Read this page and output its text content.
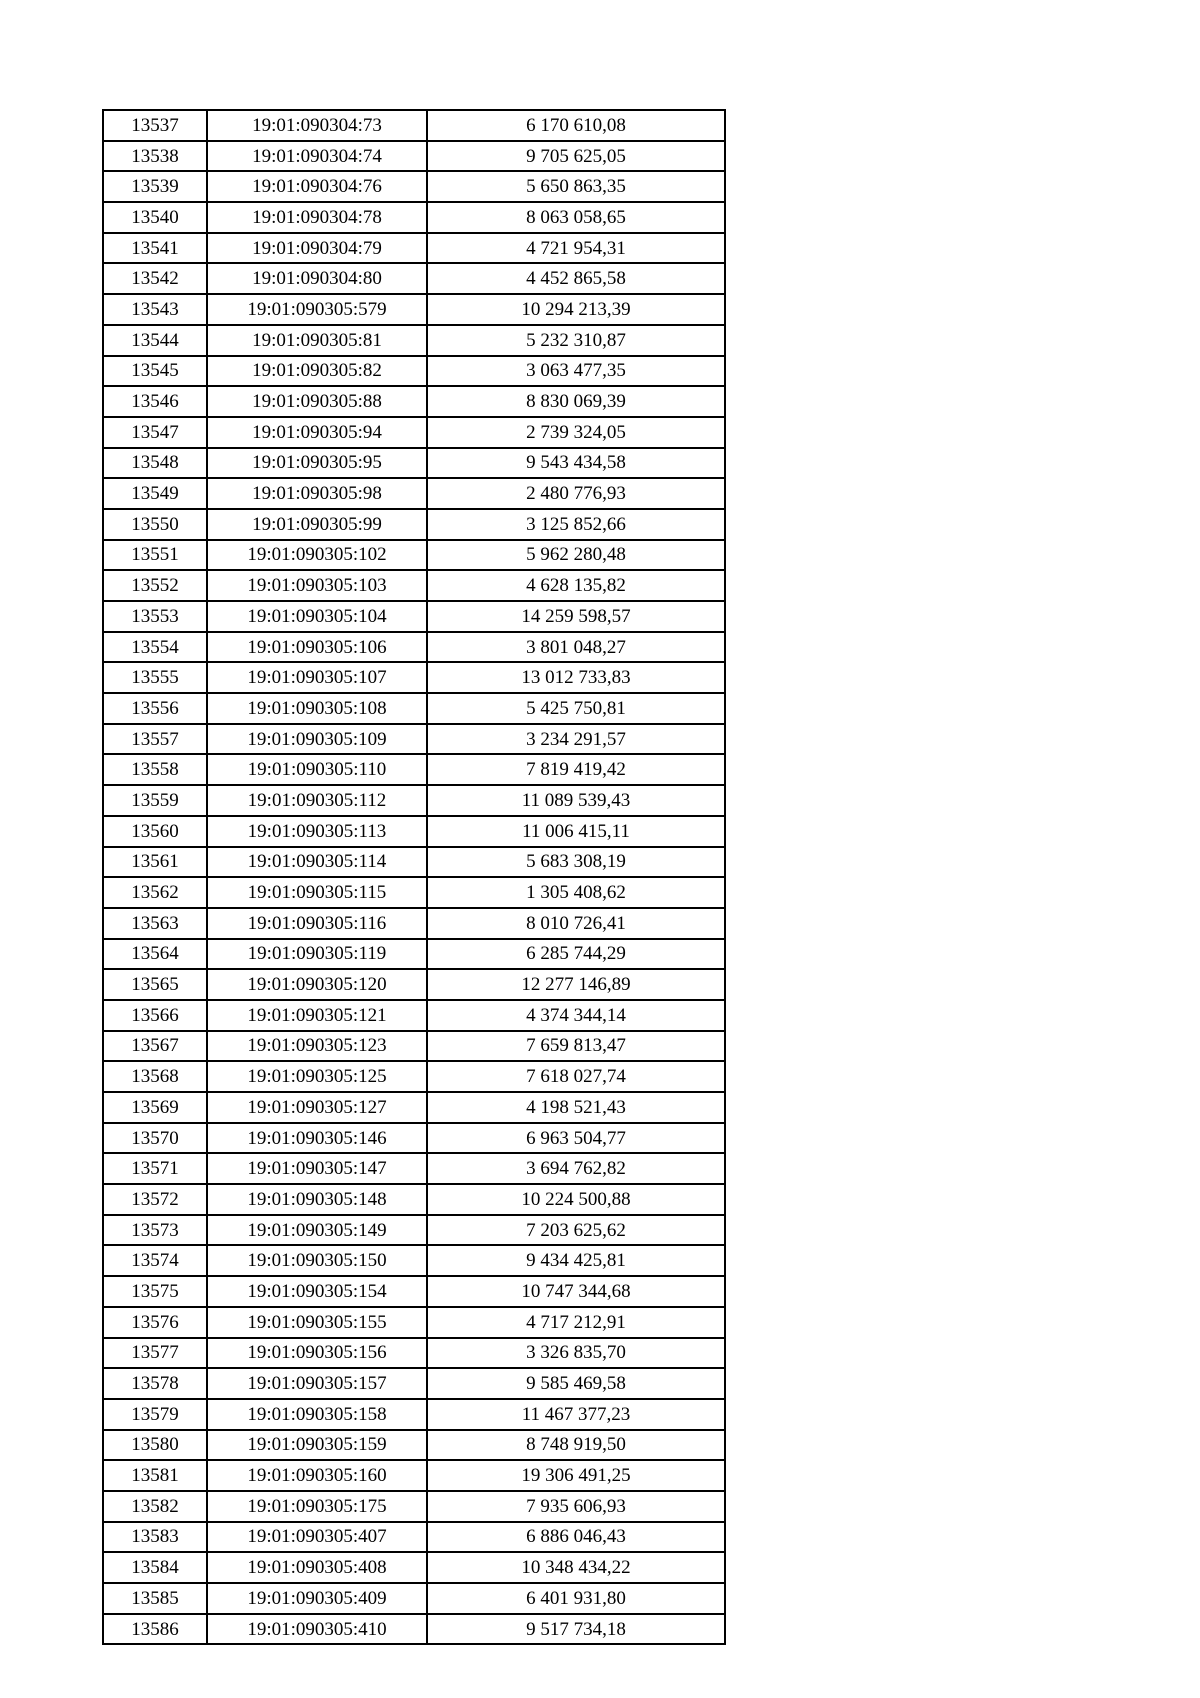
13537	19:01:090304:73	6 170 610,08
13538	19:01:090304:74	9 705 625,05
13539	19:01:090304:76	5 650 863,35
13540	19:01:090304:78	8 063 058,65
13541	19:01:090304:79	4 721 954,31
13542	19:01:090304:80	4 452 865,58
13543	19:01:090305:579	10 294 213,39
13544	19:01:090305:81	5 232 310,87
13545	19:01:090305:82	3 063 477,35
13546	19:01:090305:88	8 830 069,39
13547	19:01:090305:94	2 739 324,05
13548	19:01:090305:95	9 543 434,58
13549	19:01:090305:98	2 480 776,93
13550	19:01:090305:99	3 125 852,66
13551	19:01:090305:102	5 962 280,48
13552	19:01:090305:103	4 628 135,82
13553	19:01:090305:104	14 259 598,57
13554	19:01:090305:106	3 801 048,27
13555	19:01:090305:107	13 012 733,83
13556	19:01:090305:108	5 425 750,81
13557	19:01:090305:109	3 234 291,57
13558	19:01:090305:110	7 819 419,42
13559	19:01:090305:112	11 089 539,43
13560	19:01:090305:113	11 006 415,11
13561	19:01:090305:114	5 683 308,19
13562	19:01:090305:115	1 305 408,62
13563	19:01:090305:116	8 010 726,41
13564	19:01:090305:119	6 285 744,29
13565	19:01:090305:120	12 277 146,89
13566	19:01:090305:121	4 374 344,14
13567	19:01:090305:123	7 659 813,47
13568	19:01:090305:125	7 618 027,74
13569	19:01:090305:127	4 198 521,43
13570	19:01:090305:146	6 963 504,77
13571	19:01:090305:147	3 694 762,82
13572	19:01:090305:148	10 224 500,88
13573	19:01:090305:149	7 203 625,62
13574	19:01:090305:150	9 434 425,81
13575	19:01:090305:154	10 747 344,68
13576	19:01:090305:155	4 717 212,91
13577	19:01:090305:156	3 326 835,70
13578	19:01:090305:157	9 585 469,58
13579	19:01:090305:158	11 467 377,23
13580	19:01:090305:159	8 748 919,50
13581	19:01:090305:160	19 306 491,25
13582	19:01:090305:175	7 935 606,93
13583	19:01:090305:407	6 886 046,43
13584	19:01:090305:408	10 348 434,22
13585	19:01:090305:409	6 401 931,80
13586	19:01:090305:410	9 517 734,18
